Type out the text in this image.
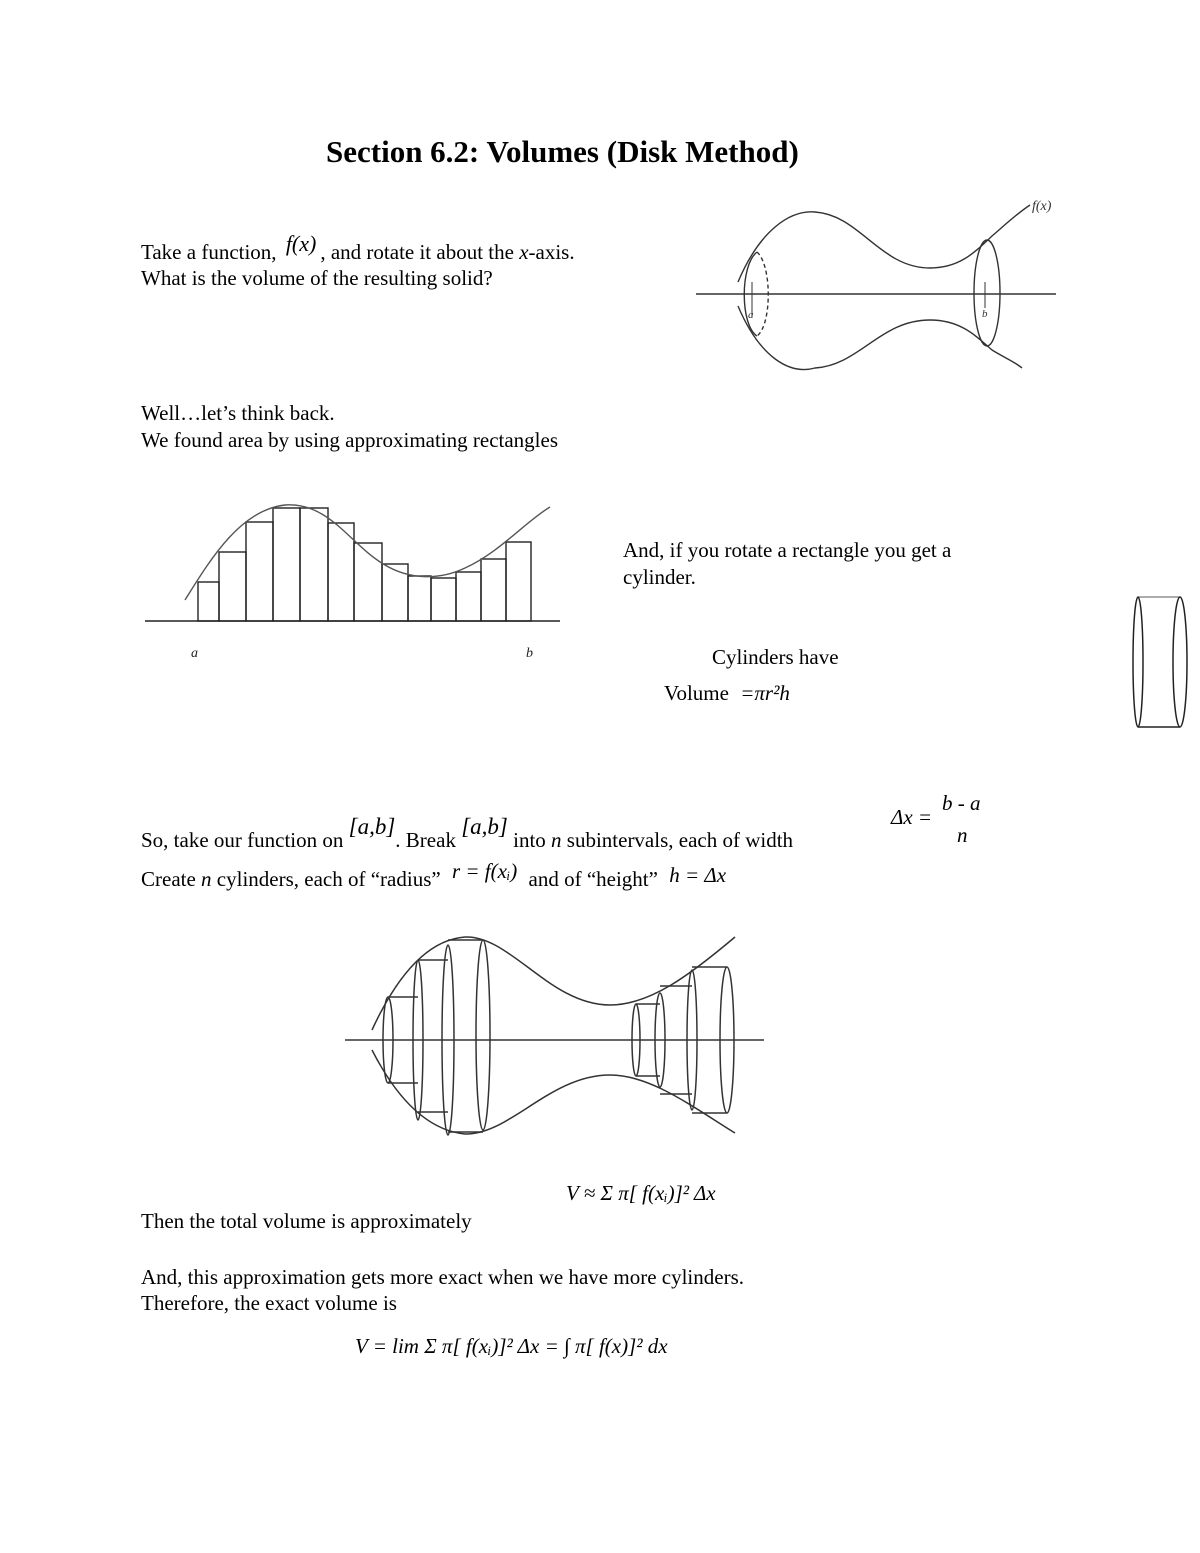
Section 6.2: Volumes (Disk Method)
Take a function, f(x) , and rotate it about the x-axis.
What is the volume of the resulting solid?
f(x)
a	b
Well…let’s think back.
We found area by using approximating rectangles
a	b
And, if you rotate a rectangle you get a
cylinder.
Cylinders have
Volume =πr²h
So, take our function on [a,b]. Break [a,b] into n subintervals, each of width
Δx =
b - a
n
Create n cylinders, each of “radius” r = f(xᵢ) and of “height” h = Δx
Then the total volume is approximately
V ≈ Σ π[ f(xᵢ)]² Δx
And, this approximation gets more exact when we have more cylinders.
Therefore, the exact volume is
V = lim Σ π[ f(xᵢ)]² Δx = ∫ π[ f(x)]² dx
